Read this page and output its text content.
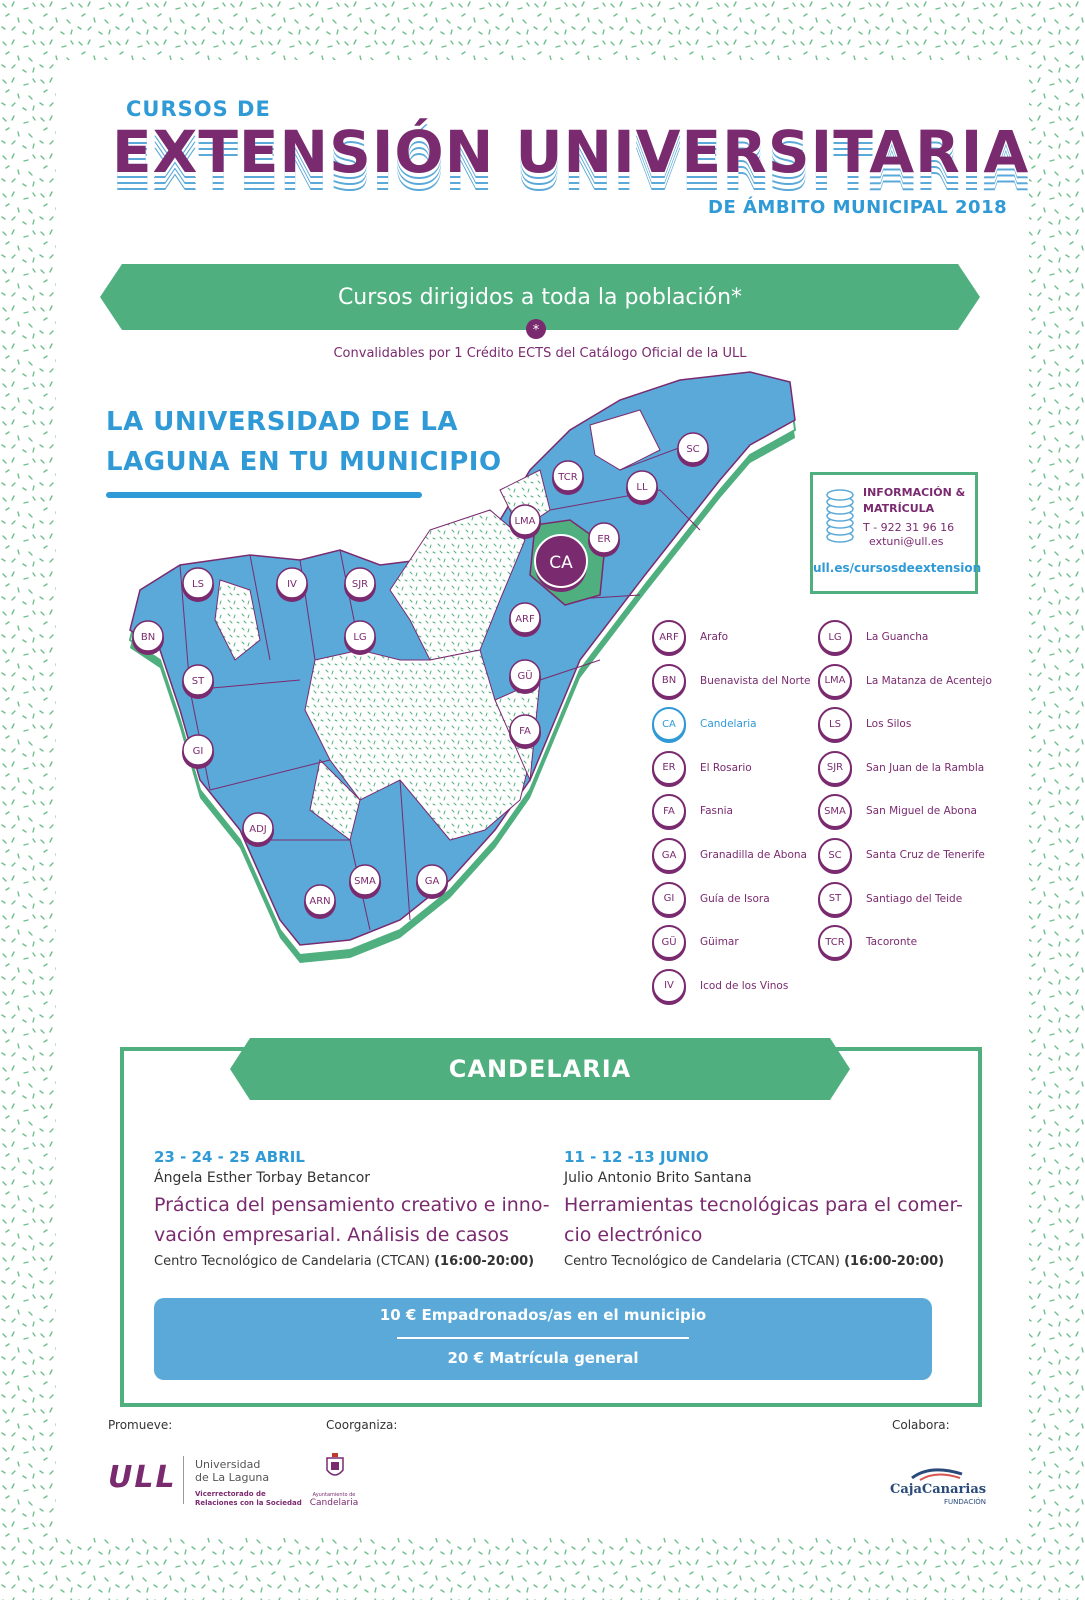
CURSOS DE
EXTENSIÓN UNIVERSITARIA
DE ÁMBITO MUNICIPAL 2018
Cursos dirigidos a toda la población*
*
Convalidables por 1 Crédito ECTS del Catálogo Oficial de la ULL
LA UNIVERSIDAD DE LA
LAGUNA EN TU MUNICIPIO
CA
LS	IV	SJR
LG
BN
ST
GI
ADJ
ARN
SMA	GA
TCR
LL
SC
LMA
ER
ARF
GÜ
FA
INFORMACIÓN &
MATRÍCULA
T - 922 31 96 16
extuni@ull.es
ull.es/cursosdeextension
ARF	Arafo
BN	Buenavista del Norte
CA	Candelaria
ER	El Rosario
FA	Fasnia
GA	Granadilla de Abona
GI	Guía de Isora
GÜ	Güimar
IV	Icod de los Vinos
LG	La Guancha
LMA	La Matanza de Acentejo
LS	Los Silos
SJR	San Juan de la Rambla
SMA	San Miguel de Abona
SC	Santa Cruz de Tenerife
ST	Santiago del Teide
TCR	Tacoronte
CANDELARIA
23 - 24 - 25 ABRIL
Ángela Esther Torbay Betancor
Práctica del pensamiento creativo e inno-
vación empresarial. Análisis de casos
Centro Tecnológico de Candelaria (CTCAN) (16:00-20:00)
11 - 12 -13 JUNIO
Julio Antonio Brito Santana
Herramientas tecnológicas para el comer-
cio electrónico
Centro Tecnológico de Candelaria (CTCAN) (16:00-20:00)
10 € Empadronados/as en el municipio
20 € Matrícula general
Promueve:	Coorganiza:	Colabora:
ULL Universidad
de La Laguna
Vicerrectorado de
Relaciones con la Sociedad
Ayuntamiento de
Candelaria
CajaCanarias
FUNDACIÓN
